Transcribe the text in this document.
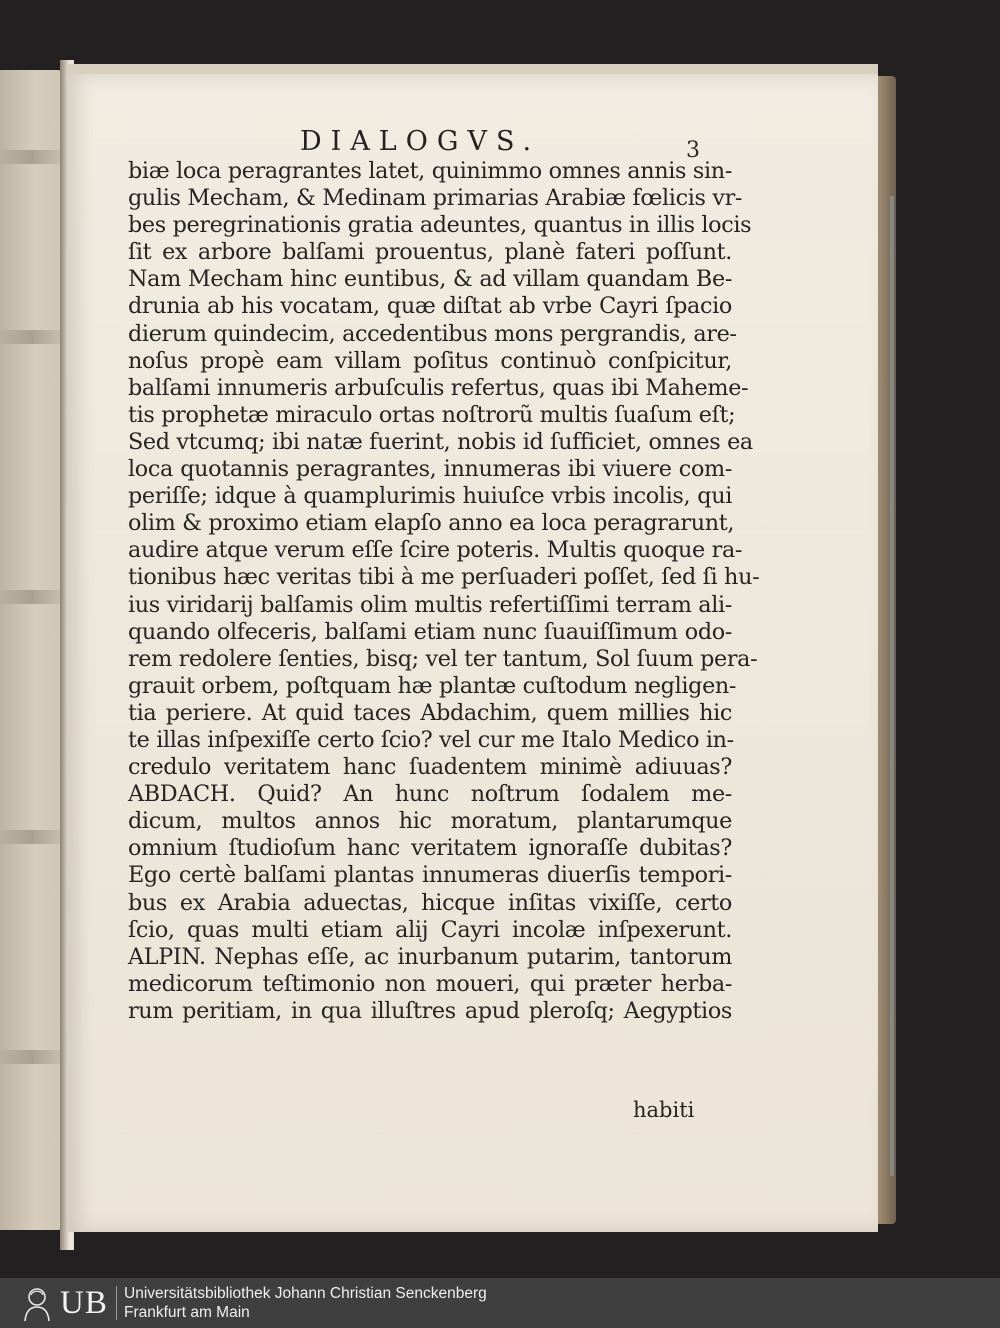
DIALOGVS.	3
biæ loca peragrantes latet, quinimmo omnes annis sin-
gulis Mecham, & Medinam primarias Arabiæ fœlicis vr-
bes peregrinationis gratia adeuntes, quantus in illis locis
ſit ex arbore balſami prouentus, planè fateri poſſunt.
Nam Mecham hinc euntibus, & ad villam quandam Be-
drunia ab his vocatam, quæ diſtat ab vrbe Cayri ſpacio
dierum quindecim, accedentibus mons pergrandis, are-
noſus propè eam villam poſitus continuò conſpicitur,
balſami innumeris arbuſculis refertus, quas ibi Maheme-
tis prophetæ miraculo ortas noſtrorũ multis ſuaſum eſt;
Sed vtcumq; ibi natæ fuerint, nobis id ſufficiet, omnes ea
loca quotannis peragrantes, innumeras ibi viuere com-
periſſe; idque à quamplurimis huiuſce vrbis incolis, qui
olim & proximo etiam elapſo anno ea loca peragrarunt,
audire atque verum eſſe ſcire poteris. Multis quoque ra-
tionibus hæc veritas tibi à me perſuaderi poſſet, ſed ſi hu-
ius viridarij balſamis olim multis refertiſſimi terram ali-
quando olfeceris, balſami etiam nunc ſuauiſſimum odo-
rem redolere ſenties, bisq; vel ter tantum, Sol ſuum pera-
grauit orbem, poſtquam hæ plantæ cuſtodum negligen-
tia periere. At quid taces Abdachim, quem millies hic
te illas inſpexiſſe certo ſcio? vel cur me Italo Medico in-
credulo veritatem hanc ſuadentem minimè adiuuas?
ABDACH. Quid? An hunc noſtrum ſodalem me-
dicum, multos annos hic moratum, plantarumque
omnium ſtudioſum hanc veritatem ignoraſſe dubitas?
Ego certè balſami plantas innumeras diuerſis tempori-
bus ex Arabia aduectas, hicque inſitas vixiſſe, certo
ſcio, quas multi etiam alij Cayri incolæ inſpexerunt.
ALPIN. Nephas eſſe, ac inurbanum putarim, tantorum
medicorum teſtimonio non moueri, qui præter herba-
rum peritiam, in qua illuſtres apud pleroſq; Aegyptios
habiti
UB Universitätsbibliothek Johann Christian Senckenberg
Frankfurt am Main
